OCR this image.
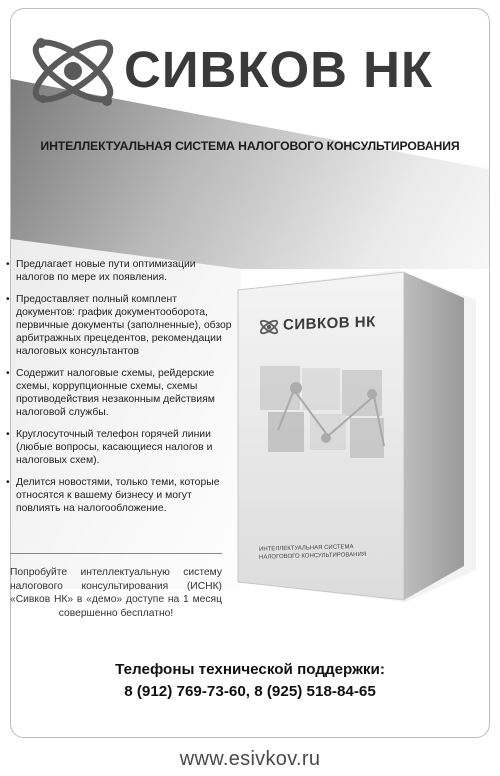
СИВКОВ НК
ИНТЕЛЛЕКТУАЛЬНАЯ СИСТЕМА НАЛОГОВОГО КОНСУЛЬТИРОВАНИЯ
• Предлагает новые пути оптимизации налогов по мере их появления.
• Предоставляет полный комплент документов: график документооборота, первичные документы (заполненные), обзор арбитражных прецедентов, рекомендации налоговых консультантов
• Содержит налоговые схемы, рейдерские схемы, коррупционные схемы, схемы противодействия незаконным действиям налоговой службы.
• Круглосуточный телефон горячей линии (любые вопросы, касающиеся налогов и налоговых схем).
• Делится новостями, только теми, которые относятся к вашему бизнесу и могут повлиять на налогообложение.
Попробуйте интеллектуальную систему налогового консультирования (ИСНК) «Сивков НК» в «демо» доступе на 1 месяц совершенно бесплатно!
СИВКОВ НК
ИНТЕЛЛЕКТУАЛЬНАЯ СИСТЕМА НАЛОГОВОГО КОНСУЛЬТИРОВАНИЯ
Телефоны технической поддержки:
8 (912) 769-73-60, 8 (925) 518-84-65
www.esivkov.ru
